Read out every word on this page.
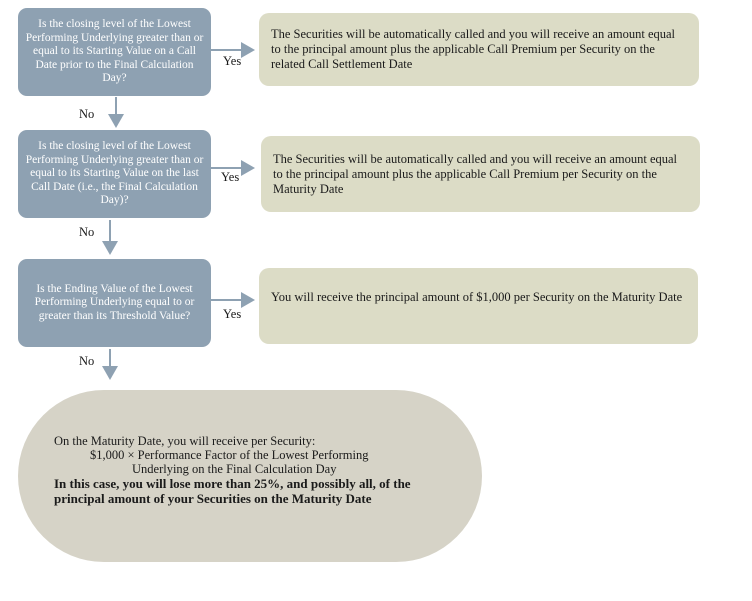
Is the closing level of the Lowest Performing Underlying greater than or equal to its Starting Value on a Call Date prior to the Final Calculation Day?
The Securities will be automatically called and you will receive an amount equal to the principal amount plus the applicable Call Premium per Security on the related Call Settlement Date
Yes
No
Is the closing level of the Lowest Performing Underlying greater than or equal to its Starting Value on the last Call Date (i.e., the Final Calculation Day)?
The Securities will be automatically called and you will receive an amount equal to the principal amount plus the applicable Call Premium per Security on the Maturity Date
Yes
No
Is the Ending Value of the Lowest Performing Underlying equal to or greater than its Threshold Value?
You will receive the principal amount of $1,000 per Security on the Maturity Date
Yes
No
On the Maturity Date, you will receive per Security:
$1,000 × Performance Factor of the Lowest Performing
Underlying on the Final Calculation Day
In this case, you will lose more than 25%, and possibly all, of the principal amount of your Securities on the Maturity Date
